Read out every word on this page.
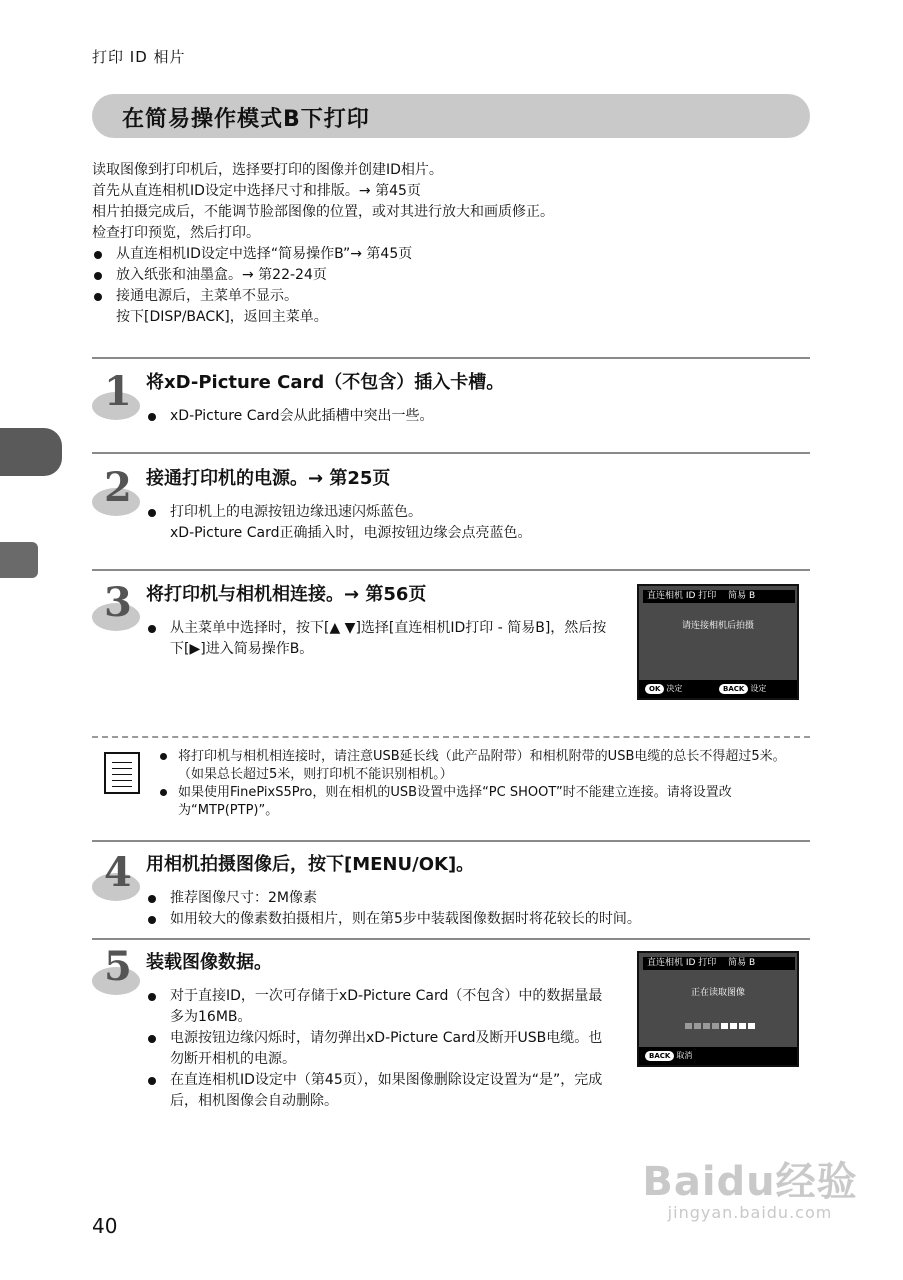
打印 ID 相片
在简易操作模式B下打印

读取图像到打印机后，选择要打印的图像并创建ID相片。

首先从直连相机ID设定中选择尺寸和排版。→ 第45页

相片拍摄完成后，不能调节脸部图像的位置，或对其进行放大和画质修正。

检查打印预览，然后打印。

从直连相机ID设定中选择“简易操作B”→ 第45页
放入纸张和油墨盒。→ 第22-24页
接通电源后，主菜单不显示。
按下[DISP/BACK]，返回主菜单。
1 将xD-Picture Card（不包含）插入卡槽。
xD-Picture Card会从此插槽中突出一些。
2 接通打印机的电源。→ 第25页
打印机上的电源按钮边缘迅速闪烁蓝色。
xD-Picture Card正确插入时，电源按钮边缘会点亮蓝色。
3 将打印机与相机相连接。→ 第56页
从主菜单中选择时，按下[▲ ▼]选择[直连相机ID打印 - 简易B]，然后按下[▶]进入简易操作B。
直连相机 ID 打印　 简易 B
请连接相机后拍摄
OK 决定	BACK 设定
将打印机与相机相连接时，请注意USB延长线（此产品附带）和相机附带的USB电缆的总长不得超过5米。（如果总长超过5米，则打印机不能识别相机。）
如果使用FinePixS5Pro，则在相机的USB设置中选择“PC SHOOT”时不能建立连接。请将设置改为“MTP(PTP)”。
4 用相机拍摄图像后，按下[MENU/OK]。
推荐图像尺寸：2M像素
如用较大的像素数拍摄相片，则在第5步中装载图像数据时将花较长的时间。
5 装载图像数据。
对于直接ID，一次可存储于xD-Picture Card（不包含）中的数据量最多为16MB。
电源按钮边缘闪烁时，请勿弹出xD-Picture Card及断开USB电缆。也勿断开相机的电源。
在直连相机ID设定中（第45页），如果图像删除设定设置为“是”，完成后，相机图像会自动删除。
直连相机 ID 打印　 简易 B
正在读取图像
BACK 取消
40
Baidu经验
jingyan.baidu.com
